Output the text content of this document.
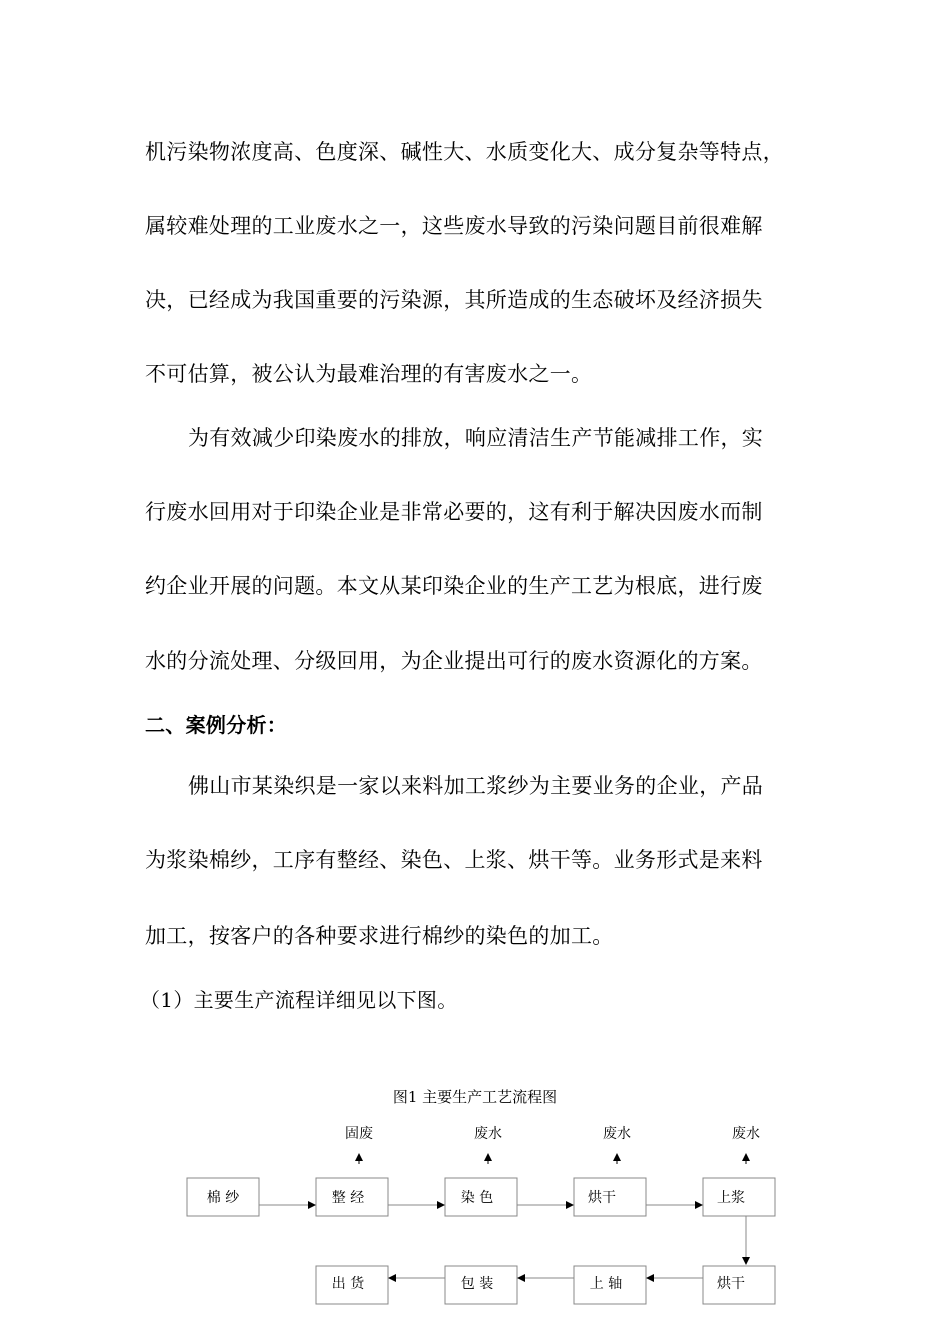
机污染物浓度高、色度深、碱性大、水质变化大、成分复杂等特点，
属较难处理的工业废水之一，这些废水导致的污染问题目前很难解
决，已经成为我国重要的污染源，其所造成的生态破坏及经济损失
不可估算，被公认为最难治理的有害废水之一。
为有效减少印染废水的排放，响应清洁生产节能减排工作，实
行废水回用对于印染企业是非常必要的，这有利于解决因废水而制
约企业开展的问题。本文从某印染企业的生产工艺为根底，进行废
水的分流处理、分级回用，为企业提出可行的废水资源化的方案。
二、案例分析：
佛山市某染织是一家以来料加工浆纱为主要业务的企业，产品
为浆染棉纱，工序有整经、染色、上浆、烘干等。业务形式是来料
加工，按客户的各种要求进行棉纱的染色的加工。
（1）主要生产流程详细见以下图。
图1 主要生产工艺流程图
棉 纱	整 经	染 色	烘干	上浆
固废	废水	废水	废水
出 货	包 装	上 轴	烘干
